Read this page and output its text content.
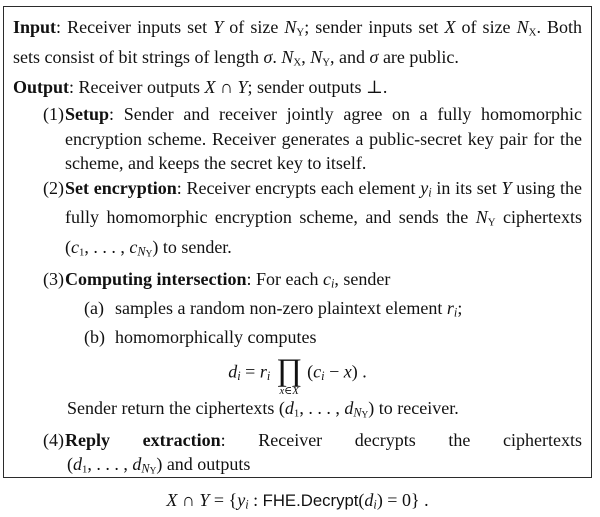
Input: Receiver inputs set Y of size NY; sender inputs set X of size NX. Both sets consist of bit strings of length σ. NX, NY, and σ are public.
Output: Receiver outputs X ∩ Y; sender outputs ⊥.
(1) Setup: Sender and receiver jointly agree on a fully homomorphic encryption scheme. Receiver generates a public-secret key pair for the scheme, and keeps the secret key to itself.
(2) Set encryption: Receiver encrypts each element yi in its set Y using the fully homomorphic encryption scheme, and sends the NY ciphertexts (c1, . . . , $cN_Y$) to sender.
(3) Computing intersection: For each ci, sender
(a) samples a random non-zero plaintext element ri;
(b) homomorphically computes
di = ri ∏
x∈X
(ci − x) .
Sender return the ciphertexts (d1, . . . , $dN_Y$) to receiver.
(4) Reply extraction: Receiver decrypts the ciphertexts
(d1, . . . , $dN_Y$) and outputs
X ∩ Y = {yi : FHE.Decrypt(di) = 0} .
